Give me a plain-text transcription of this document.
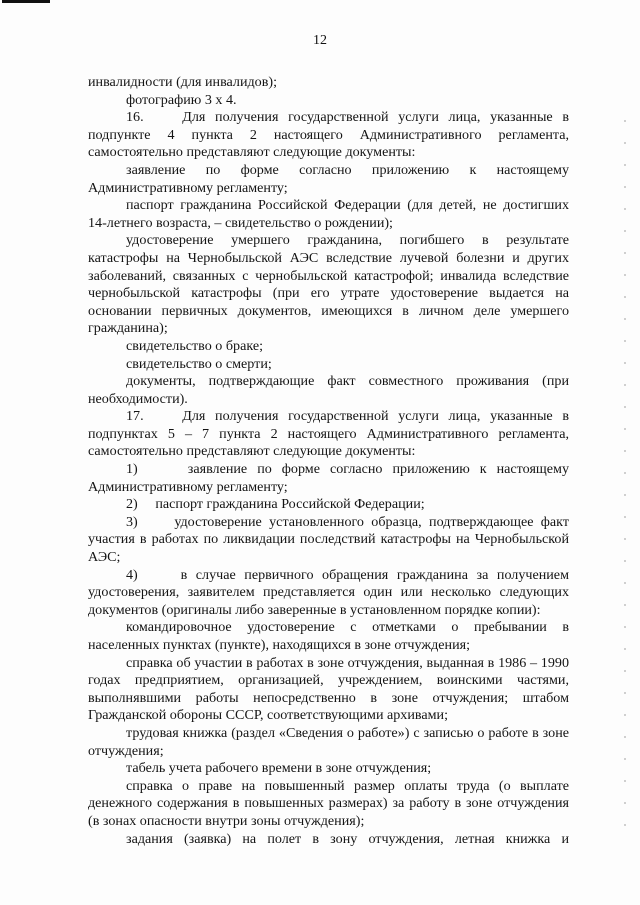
12

инвалидности (для инвалидов);

фотографию 3 х 4.

16.    Для получения государственной услуги лица, указанные в подпункте 4 пункта 2 настоящего Административного регламента, самостоятельно представляют следующие документы:

заявление по форме согласно приложению к настоящему Административному регламенту;

паспорт гражданина Российской Федерации (для детей, не достигших 14-летнего возраста, – свидетельство о рождении);

удостоверение умершего гражданина, погибшего в результате катастрофы на Чернобыльской АЭС вследствие лучевой болезни и других заболеваний, связанных с чернобыльской катастрофой; инвалида вследствие чернобыльской катастрофы (при его утрате удостоверение выдается на основании первичных документов, имеющихся в личном деле умершего гражданина);

свидетельство о браке;

свидетельство о смерти;

документы, подтверждающие факт совместного проживания (при необходимости).

17.    Для получения государственной услуги лица, указанные в подпунктах 5 – 7 пункта 2 настоящего Административного регламента, самостоятельно представляют следующие документы:

1)     заявление по форме согласно приложению к настоящему Административному регламенту;

2)     паспорт гражданина Российской Федерации;

3)     удостоверение установленного образца, подтверждающее факт участия в работах по ликвидации последствий катастрофы на Чернобыльской АЭС;

4)     в случае первичного обращения гражданина за получением удостоверения, заявителем представляется один или несколько следующих документов (оригиналы либо заверенные в установленном порядке копии):

командировочное удостоверение с отметками о пребывании в населенных пунктах (пункте), находящихся в зоне отчуждения;

справка об участии в работах в зоне отчуждения, выданная в 1986 – 1990 годах предприятием, организацией, учреждением, воинскими частями, выполнявшими работы непосредственно в зоне отчуждения; штабом Гражданской обороны СССР, соответствующими архивами;

трудовая книжка (раздел «Сведения о работе») с записью о работе в зоне отчуждения;

табель учета рабочего времени в зоне отчуждения;

справка о праве на повышенный размер оплаты труда (о выплате денежного содержания в повышенных размерах) за работу в зоне отчуждения (в зонах опасности внутри зоны отчуждения);

задания (заявка) на полет в зону отчуждения, летная книжка и
